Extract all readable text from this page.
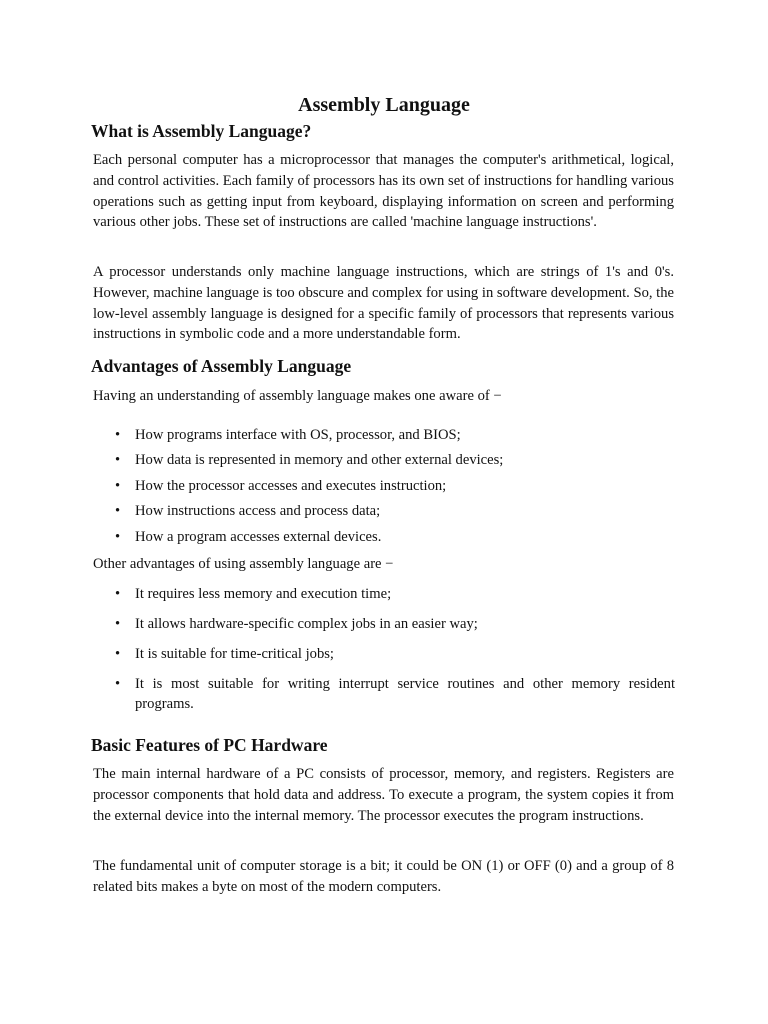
Assembly Language
What is Assembly Language?
Each personal computer has a microprocessor that manages the computer's arithmetical, logical, and control activities. Each family of processors has its own set of instructions for handling various operations such as getting input from keyboard, displaying information on screen and performing various other jobs. These set of instructions are called 'machine language instructions'.
A processor understands only machine language instructions, which are strings of 1's and 0's. However, machine language is too obscure and complex for using in software development. So, the low-level assembly language is designed for a specific family of processors that represents various instructions in symbolic code and a more understandable form.
Advantages of Assembly Language
Having an understanding of assembly language makes one aware of −
• How programs interface with OS, processor, and BIOS;
• How data is represented in memory and other external devices;
• How the processor accesses and executes instruction;
• How instructions access and process data;
• How a program accesses external devices.
Other advantages of using assembly language are −
• It requires less memory and execution time;
• It allows hardware-specific complex jobs in an easier way;
• It is suitable for time-critical jobs;
• It is most suitable for writing interrupt service routines and other memory resident programs.
Basic Features of PC Hardware
The main internal hardware of a PC consists of processor, memory, and registers. Registers are processor components that hold data and address. To execute a program, the system copies it from the external device into the internal memory. The processor executes the program instructions.
The fundamental unit of computer storage is a bit; it could be ON (1) or OFF (0) and a group of 8 related bits makes a byte on most of the modern computers.
